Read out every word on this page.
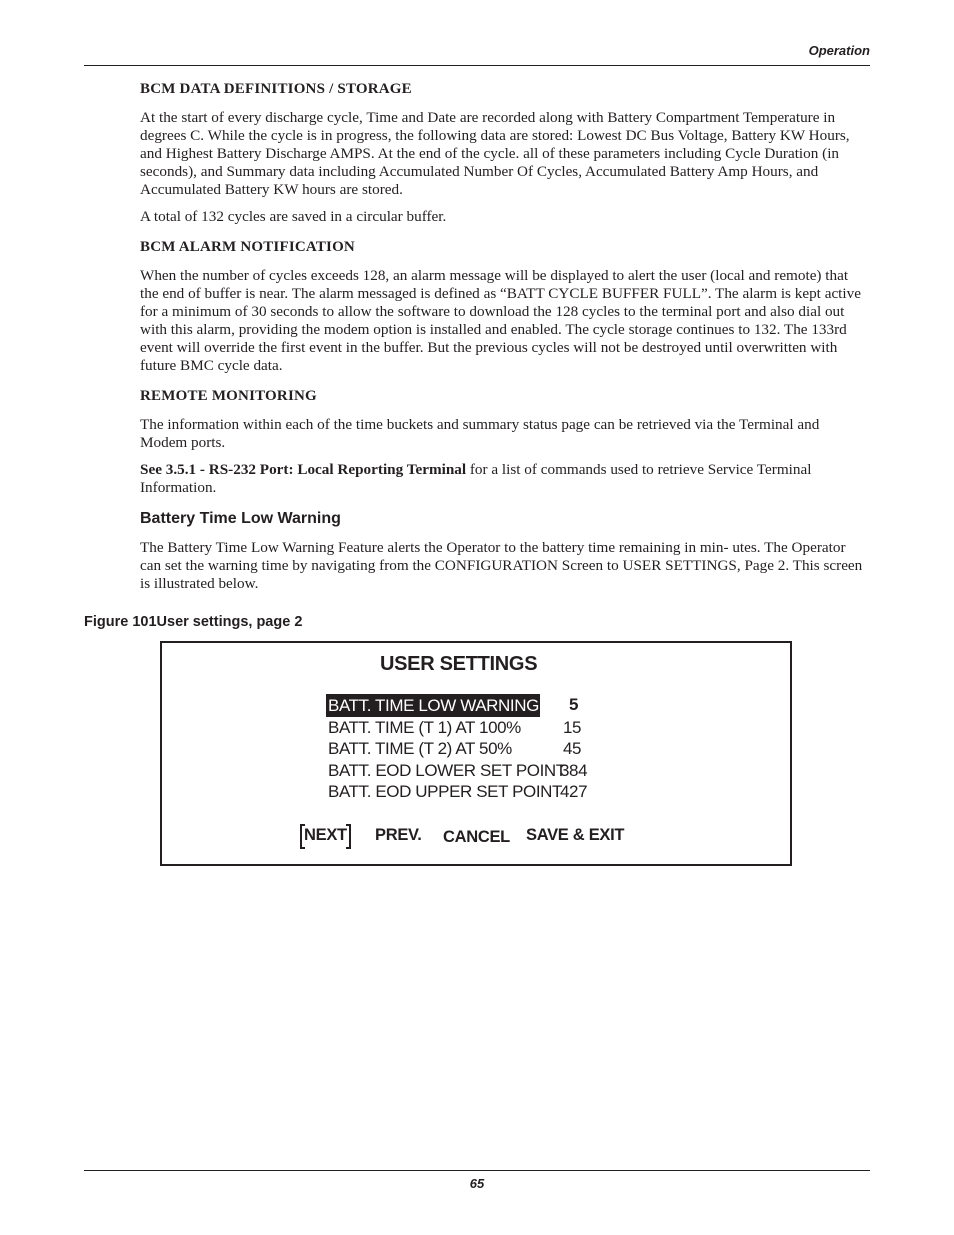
Operation
BCM DATA DEFINITIONS / STORAGE

At the start of every discharge cycle, Time and Date are recorded along with Battery Compartment Temperature in degrees C. While the cycle is in progress, the following data are stored: Lowest DC Bus Voltage, Battery KW Hours, and Highest Battery Discharge AMPS. At the end of the cycle. all of these parameters including Cycle Duration (in seconds), and Summary data including Accumulated Number Of Cycles, Accumulated Battery Amp Hours, and Accumulated Battery KW hours are stored.

A total of 132 cycles are saved in a circular buffer.

BCM ALARM NOTIFICATION

When the number of cycles exceeds 128, an alarm message will be displayed to alert the user (local and remote) that the end of buffer is near. The alarm messaged is defined as “BATT CYCLE BUFFER FULL”. The alarm is kept active for a minimum of 30 seconds to allow the software to download the 128 cycles to the terminal port and also dial out with this alarm, providing the modem option is installed and enabled. The cycle storage continues to 132. The 133rd event will override the first event in the buffer. But the previous cycles will not be destroyed until overwritten with future BMC cycle data.

REMOTE MONITORING

The information within each of the time buckets and summary status page can be retrieved via the Terminal and Modem ports.

See 3.5.1 - RS-232 Port: Local Reporting Terminal for a list of commands used to retrieve Service Terminal Information.

Battery Time Low Warning

The Battery Time Low Warning Feature alerts the Operator to the battery time remaining in min- utes. The Operator can set the warning time by navigating from the CONFIGURATION Screen to USER SETTINGS, Page 2. This screen is illustrated below.

Figure 101User settings, page 2
USER SETTINGS
BATT. TIME LOW WARNING 5
BATT. TIME (T 1) AT 100% 15
BATT. TIME (T 2) AT 50%	45
BATT. EOD LOWER SET POINT
384
BATT. EOD UPPER SET POINT
427
NEXT PREV. CANCEL SAVE & EXIT
65
